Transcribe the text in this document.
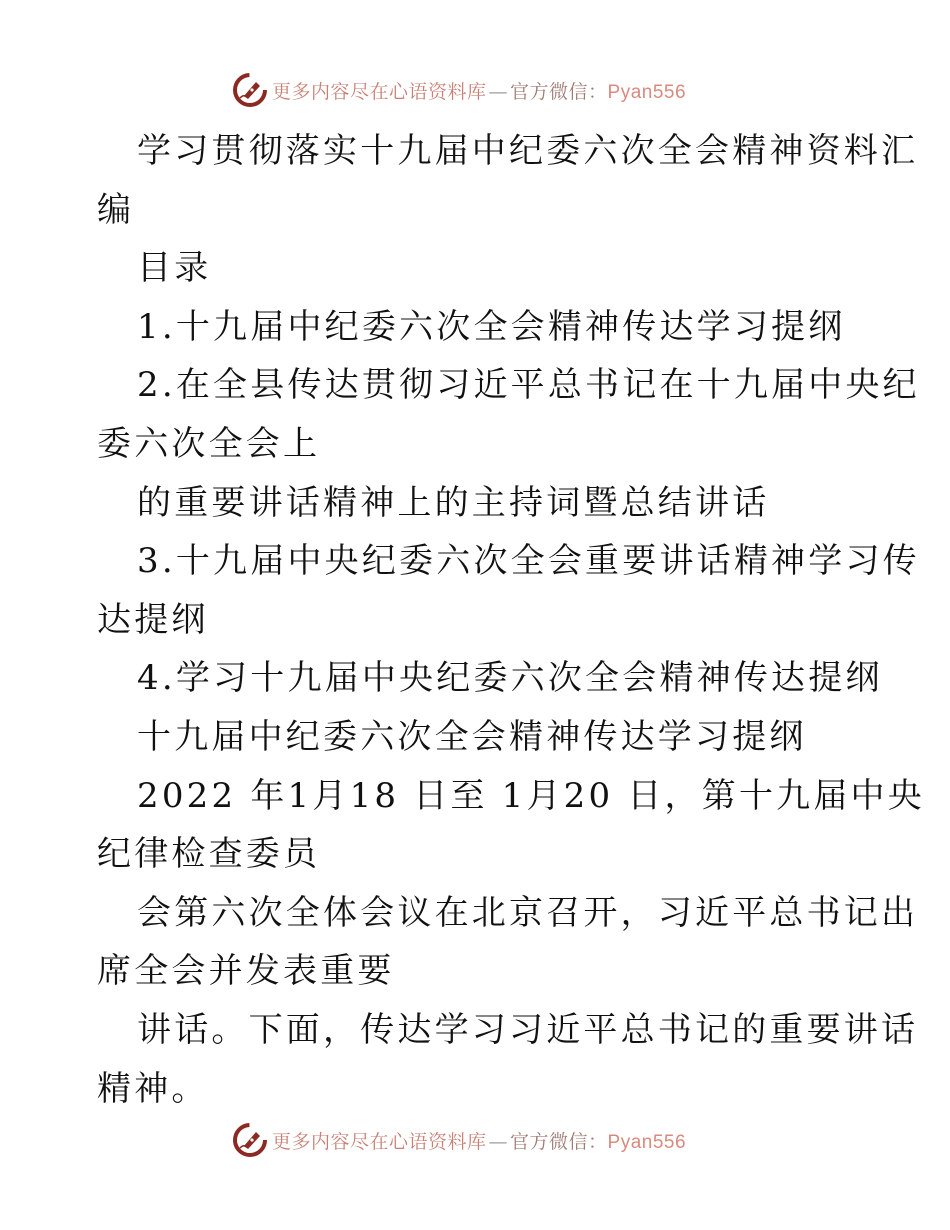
更多内容尽在心语资料库 — 官方微信：Pyan556
学习贯彻落实十九届中纪委六次全会精神资料汇
编
目录
1.十九届中纪委六次全会精神传达学习提纲
2.在全县传达贯彻习近平总书记在十九届中央纪
委六次全会上
的重要讲话精神上的主持词暨总结讲话
3.十九届中央纪委六次全会重要讲话精神学习传
达提纲
4.学习十九届中央纪委六次全会精神传达提纲
十九届中纪委六次全会精神传达学习提纲
2022 年1月18 日至 1月20 日，第十九届中央
纪律检查委员
会第六次全体会议在北京召开，习近平总书记出
席全会并发表重要
讲话。下面，传达学习习近平总书记的重要讲话
精神。
更多内容尽在心语资料库 — 官方微信：Pyan556
